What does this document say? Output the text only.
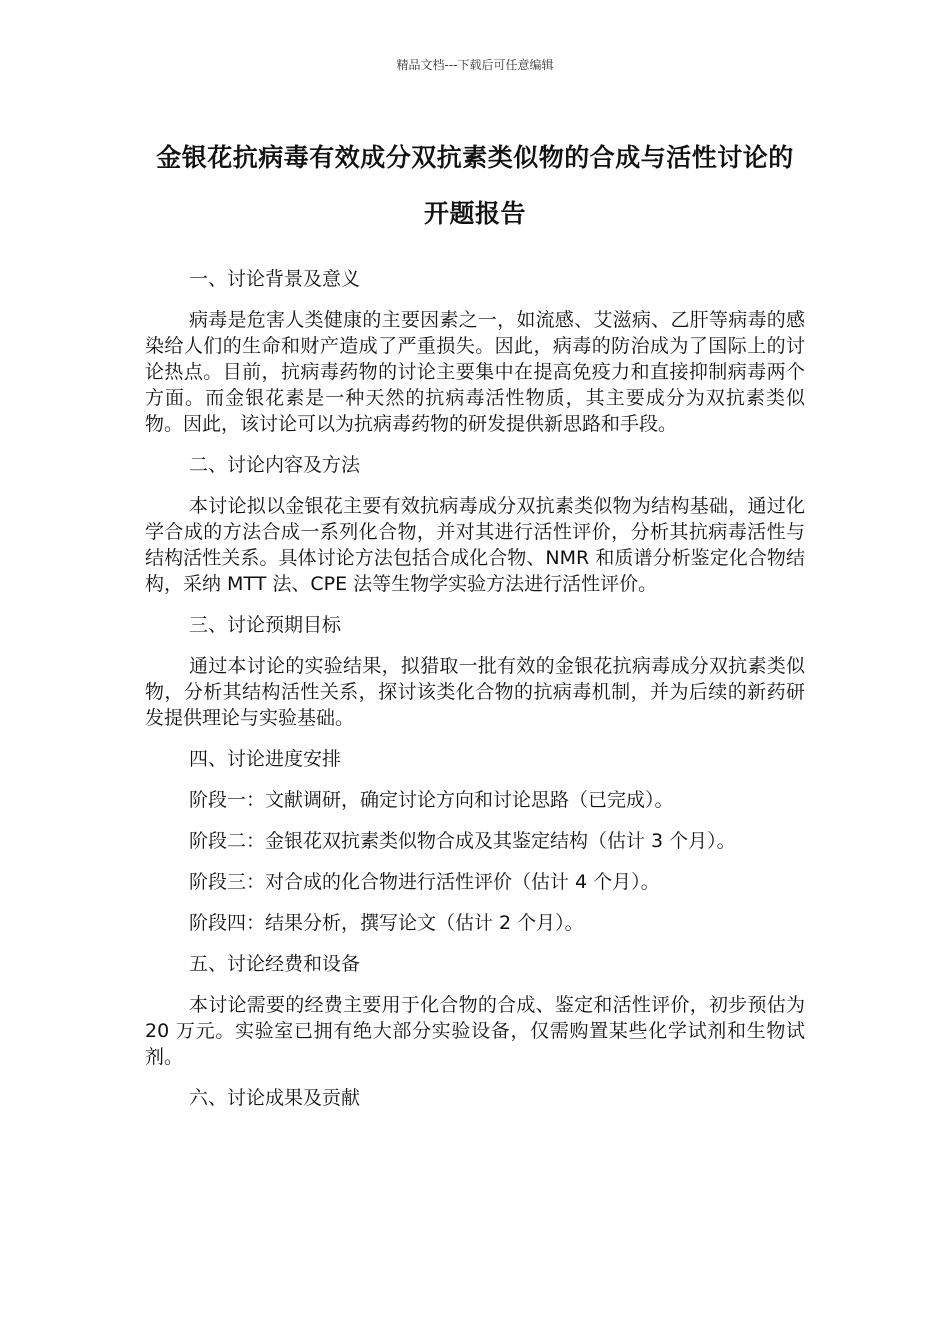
精品文档---下载后可任意编辑
金银花抗病毒有效成分双抗素类似物的合成与活性讨论的开题报告

一、讨论背景及意义

病毒是危害人类健康的主要因素之一，如流感、艾滋病、乙肝等病毒的感染给人们的生命和财产造成了严重损失。因此，病毒的防治成为了国际上的讨论热点。目前，抗病毒药物的讨论主要集中在提高免疫力和直接抑制病毒两个方面。而金银花素是一种天然的抗病毒活性物质，其主要成分为双抗素类似物。因此，该讨论可以为抗病毒药物的研发提供新思路和手段。

二、讨论内容及方法

本讨论拟以金银花主要有效抗病毒成分双抗素类似物为结构基础，通过化学合成的方法合成一系列化合物，并对其进行活性评价，分析其抗病毒活性与结构活性关系。具体讨论方法包括合成化合物、NMR 和质谱分析鉴定化合物结构，采纳 MTT 法、CPE 法等生物学实验方法进行活性评价。

三、讨论预期目标

通过本讨论的实验结果，拟猎取一批有效的金银花抗病毒成分双抗素类似物，分析其结构活性关系，探讨该类化合物的抗病毒机制，并为后续的新药研发提供理论与实验基础。

四、讨论进度安排

阶段一：文献调研，确定讨论方向和讨论思路（已完成）。

阶段二：金银花双抗素类似物合成及其鉴定结构（估计 3 个月）。

阶段三：对合成的化合物进行活性评价（估计 4 个月）。

阶段四：结果分析，撰写论文（估计 2 个月）。

五、讨论经费和设备

本讨论需要的经费主要用于化合物的合成、鉴定和活性评价，初步预估为 20 万元。实验室已拥有绝大部分实验设备，仅需购置某些化学试剂和生物试剂。

六、讨论成果及贡献
